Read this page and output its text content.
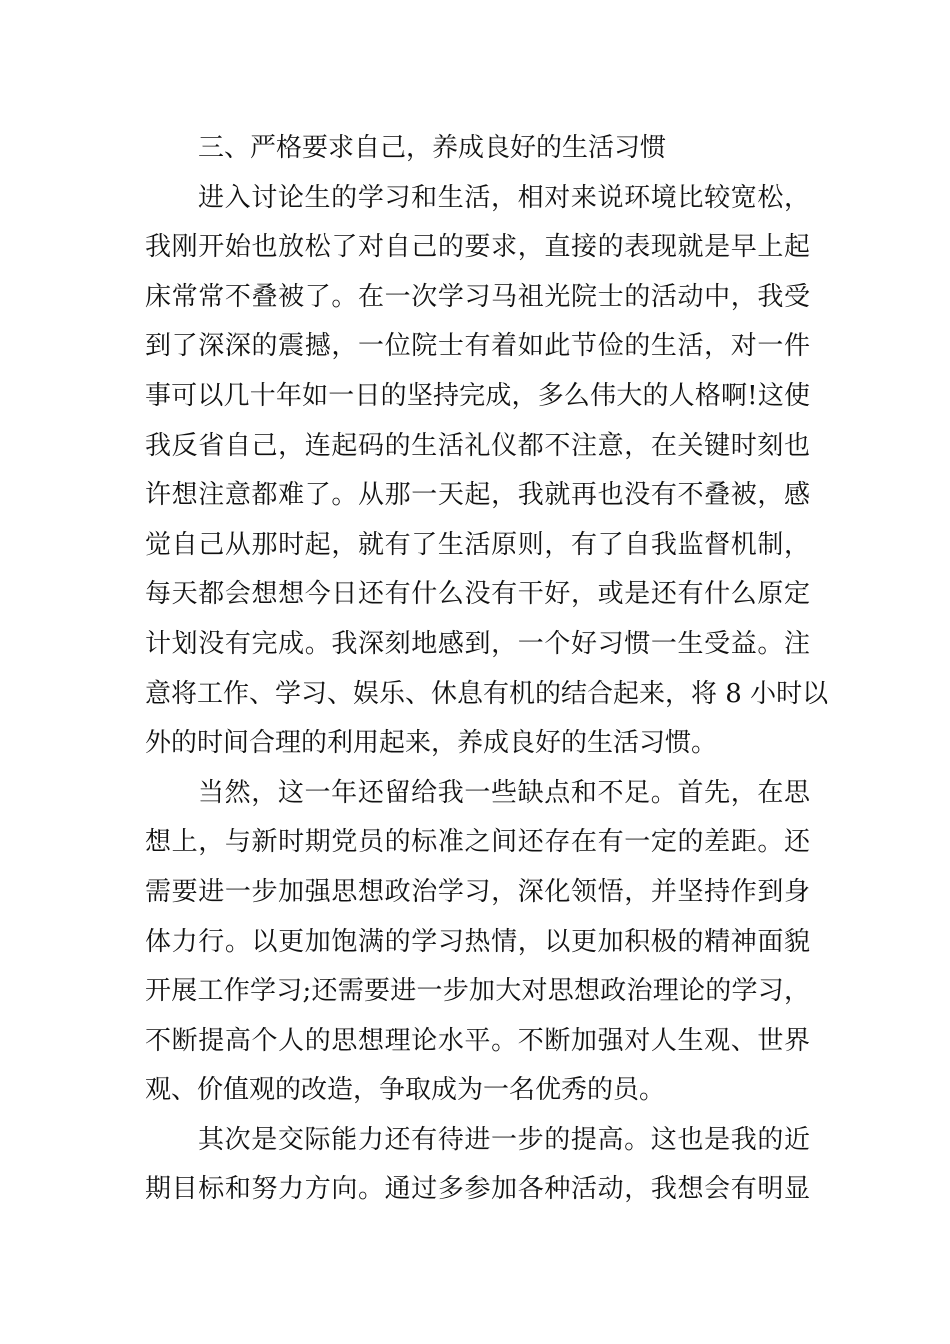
三、严格要求自己，养成良好的生活习惯
进入讨论生的学习和生活，相对来说环境比较宽松，
我刚开始也放松了对自己的要求，直接的表现就是早上起
床常常不叠被了。在一次学习马祖光院士的活动中，我受
到了深深的震撼，一位院士有着如此节俭的生活，对一件
事可以几十年如一日的坚持完成，多么伟大的人格啊!这使
我反省自己，连起码的生活礼仪都不注意，在关键时刻也
许想注意都难了。从那一天起，我就再也没有不叠被，感
觉自己从那时起，就有了生活原则，有了自我监督机制，
每天都会想想今日还有什么没有干好，或是还有什么原定
计划没有完成。我深刻地感到，一个好习惯一生受益。注
意将工作、学习、娱乐、休息有机的结合起来，将 8 小时以
外的时间合理的利用起来，养成良好的生活习惯。
当然，这一年还留给我一些缺点和不足。首先，在思
想上，与新时期党员的标准之间还存在有一定的差距。还
需要进一步加强思想政治学习，深化领悟，并坚持作到身
体力行。以更加饱满的学习热情，以更加积极的精神面貌
开展工作学习;还需要进一步加大对思想政治理论的学习，
不断提高个人的思想理论水平。不断加强对人生观、世界
观、价值观的改造，争取成为一名优秀的员。
其次是交际能力还有待进一步的提高。这也是我的近
期目标和努力方向。通过多参加各种活动，我想会有明显
